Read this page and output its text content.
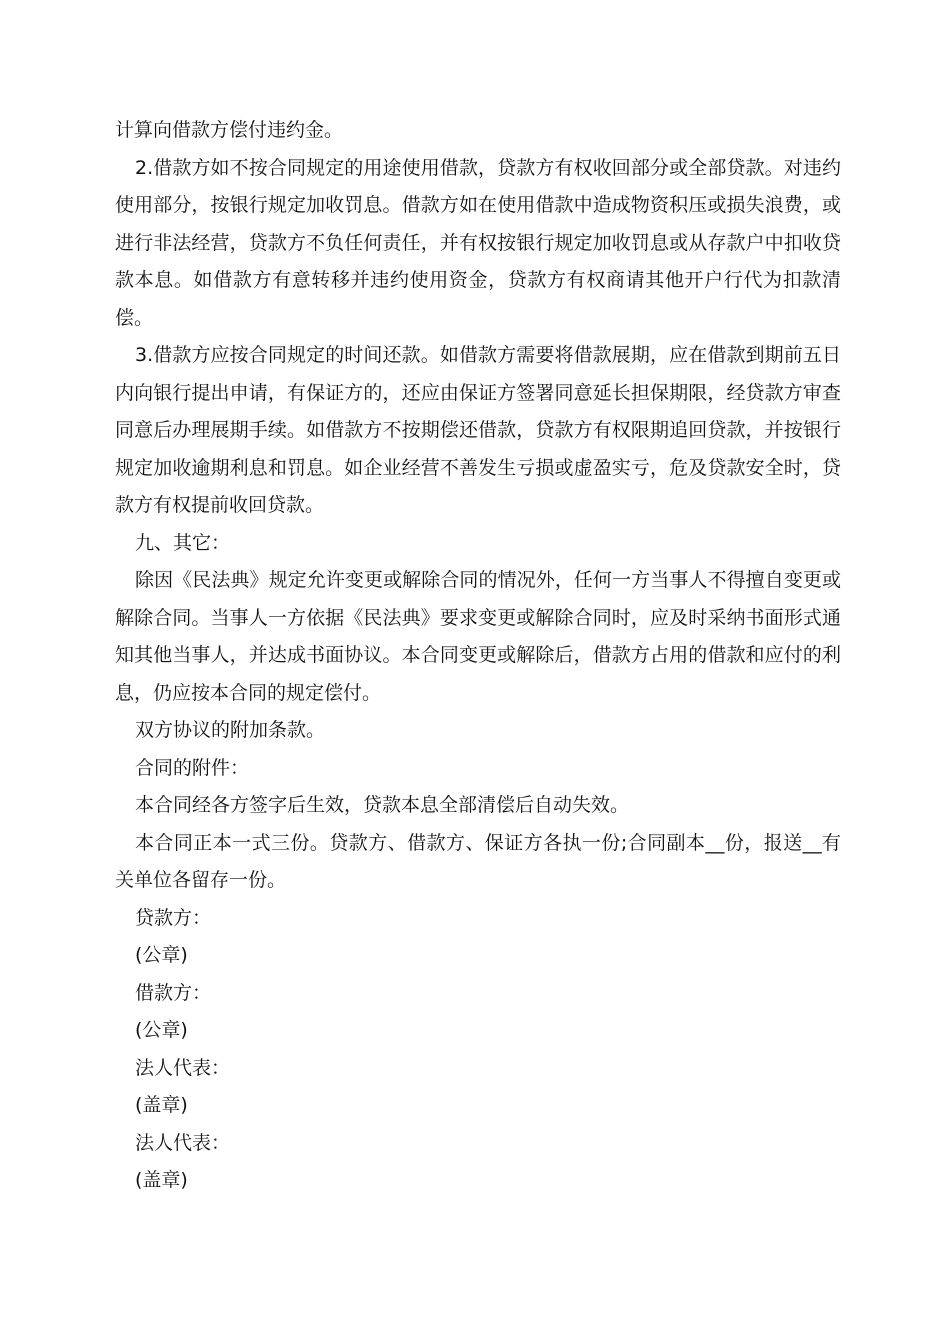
计算向借款方偿付违约金。

2.借款方如不按合同规定的用途使用借款，贷款方有权收回部分或全部贷款。对违约使用部分，按银行规定加收罚息。借款方如在使用借款中造成物资积压或损失浪费，或进行非法经营，贷款方不负任何责任，并有权按银行规定加收罚息或从存款户中扣收贷款本息。如借款方有意转移并违约使用资金，贷款方有权商请其他开户行代为扣款清偿。

3.借款方应按合同规定的时间还款。如借款方需要将借款展期，应在借款到期前五日内向银行提出申请，有保证方的，还应由保证方签署同意延长担保期限，经贷款方审查同意后办理展期手续。如借款方不按期偿还借款，贷款方有权限期追回贷款，并按银行规定加收逾期利息和罚息。如企业经营不善发生亏损或虚盈实亏，危及贷款安全时，贷款方有权提前收回贷款。

九、其它：

除因《民法典》规定允许变更或解除合同的情况外，任何一方当事人不得擅自变更或解除合同。当事人一方依据《民法典》要求变更或解除合同时，应及时采纳书面形式通知其他当事人，并达成书面协议。本合同变更或解除后，借款方占用的借款和应付的利息，仍应按本合同的规定偿付。

双方协议的附加条款。

合同的附件：

本合同经各方签字后生效，贷款本息全部清偿后自动失效。

本合同正本一式三份。贷款方、借款方、保证方各执一份;合同副本__份，报送__有关单位各留存一份。

贷款方：

(公章)

借款方：

(公章)

法人代表：

(盖章)

法人代表：

(盖章)
